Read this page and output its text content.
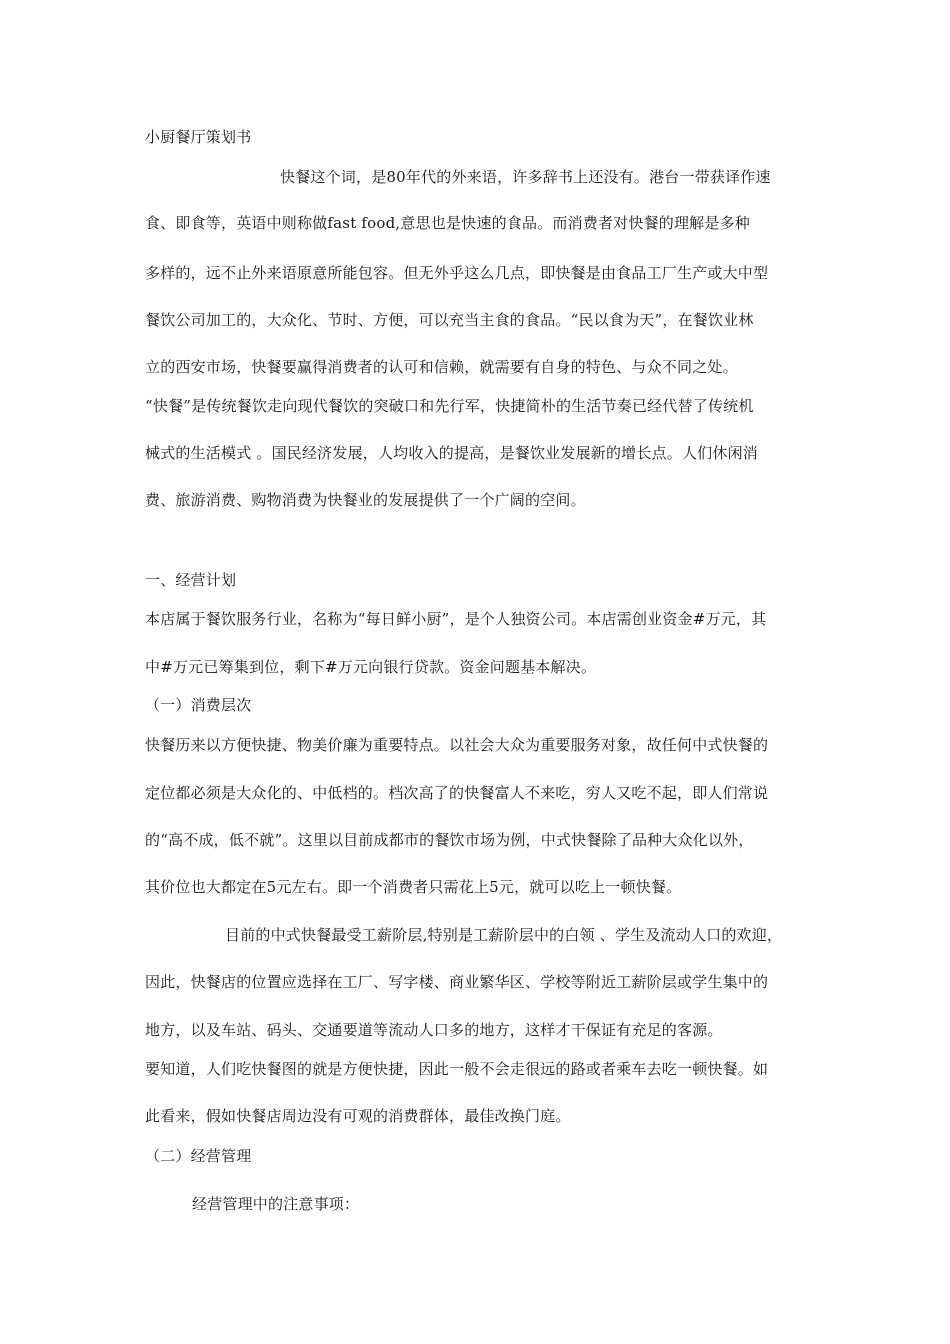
小厨餐厅策划书
快餐这个词，是80年代的外来语，许多辞书上还没有。港台一带获译作速
食、即食等，英语中则称做fast food,意思也是快速的食品。而消费者对快餐的理解是多种
多样的，远不止外来语原意所能包容。但无外乎这么几点，即快餐是由食品工厂生产或大中型
餐饮公司加工的，大众化、节时、方便，可以充当主食的食品。“民以食为天”，在餐饮业林
立的西安市场，快餐要赢得消费者的认可和信赖，就需要有自身的特色、与众不同之处。
“快餐”是传统餐饮走向现代餐饮的突破口和先行军，快捷简朴的生活节奏已经代替了传统机
械式的生活模式 。国民经济发展，人均收入的提高，是餐饮业发展新的增长点。人们休闲消
费、旅游消费、购物消费为快餐业的发展提供了一个广阔的空间。
一、经营计划
本店属于餐饮服务行业，名称为“每日鲜小厨”，是个人独资公司。本店需创业资金#万元，其
中#万元已筹集到位，剩下#万元向银行贷款。资金问题基本解决。
（一）消费层次
快餐历来以方便快捷、物美价廉为重要特点。以社会大众为重要服务对象，故任何中式快餐的
定位都必须是大众化的、中低档的。档次高了的快餐富人不来吃，穷人又吃不起，即人们常说
的“高不成，低不就”。这里以目前成都市的餐饮市场为例，中式快餐除了品种大众化以外，
其价位也大都定在5元左右。即一个消费者只需花上5元，就可以吃上一顿快餐。
目前的中式快餐最受工薪阶层,特别是工薪阶层中的白领 、学生及流动人口的欢迎，
因此，快餐店的位置应选择在工厂、写字楼、商业繁华区、学校等附近工薪阶层或学生集中的
地方，以及车站、码头、交通要道等流动人口多的地方，这样才干保证有充足的客源。
要知道，人们吃快餐图的就是方便快捷，因此一般不会走很远的路或者乘车去吃一顿快餐。如
此看来，假如快餐店周边没有可观的消费群体，最佳改换门庭。
（二）经营管理
经营管理中的注意事项：
